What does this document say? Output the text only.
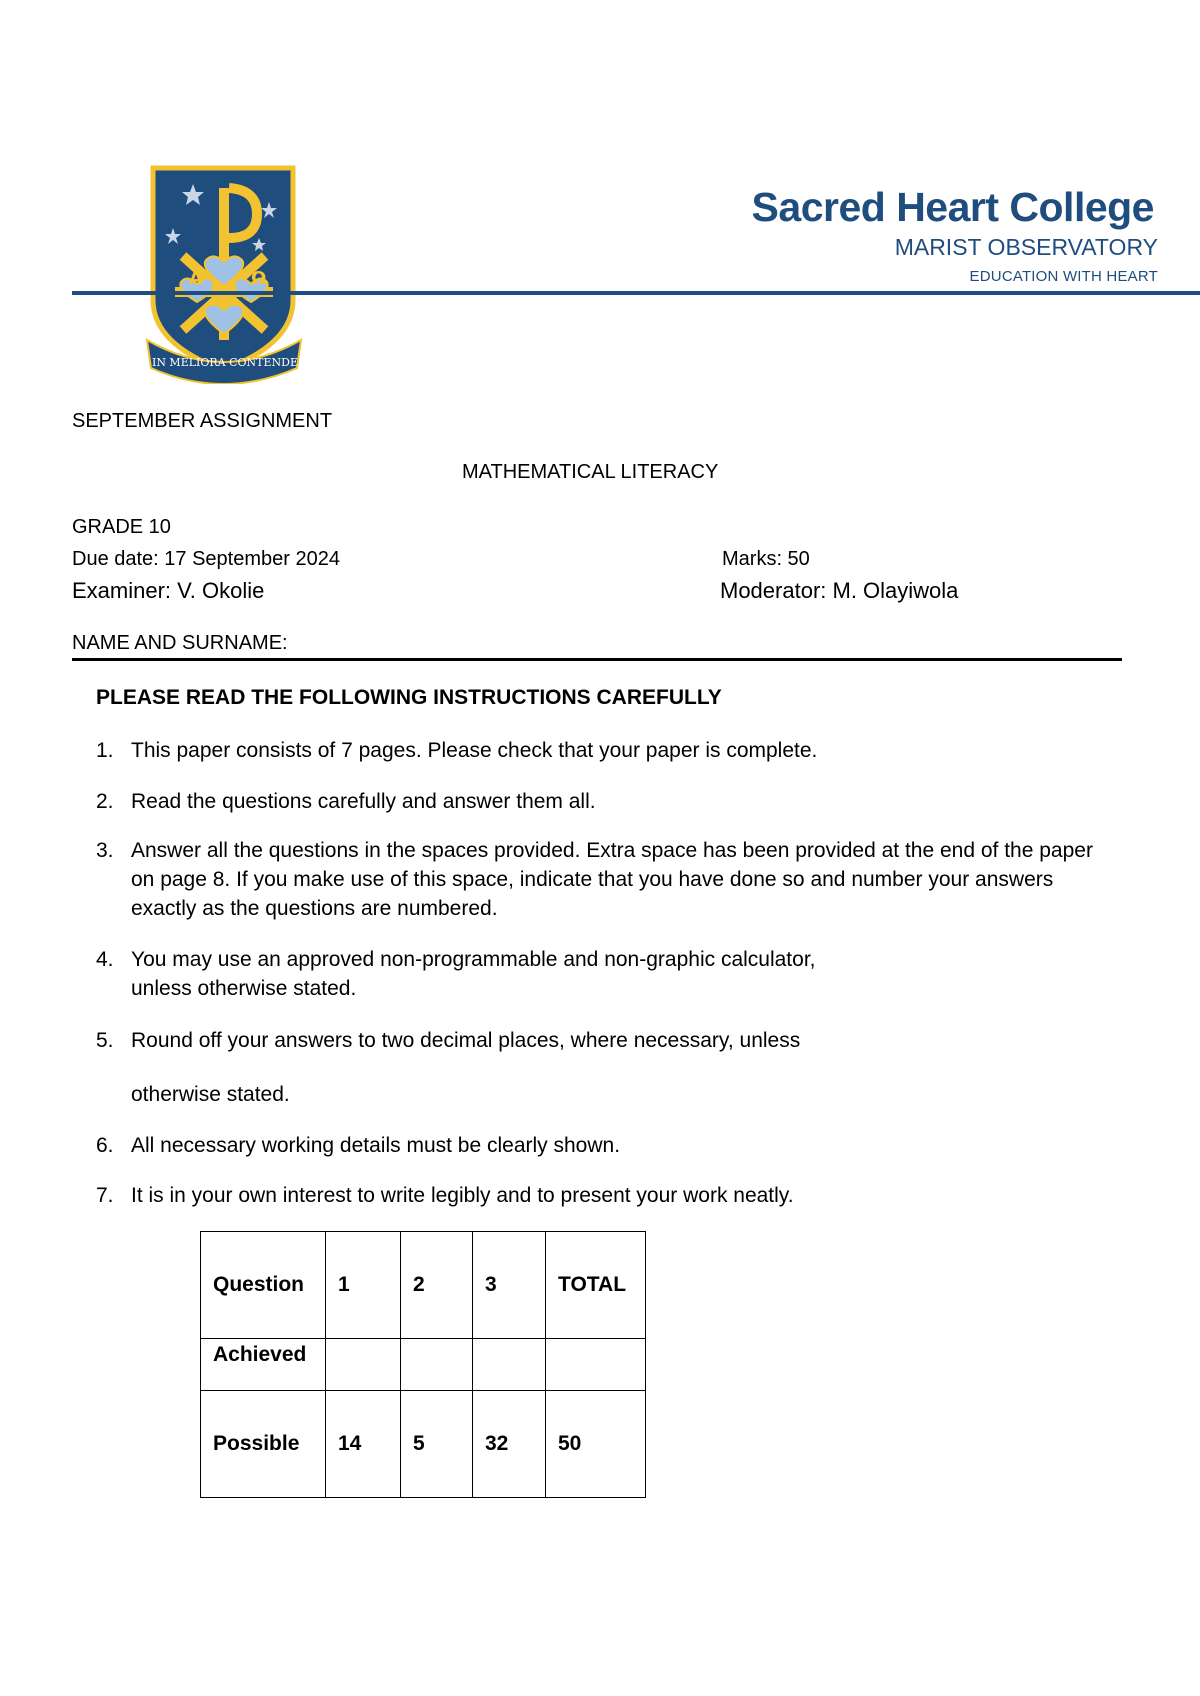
A	Ω
IN MELIORA CONTENDE
Sacred Heart College
MARIST OBSERVATORY
EDUCATION WITH HEART
SEPTEMBER ASSIGNMENT
MATHEMATICAL LITERACY
GRADE 10
Due date: 17 September 2024	Marks: 50
Examiner: V. Okolie	Moderator: M. Olayiwola
NAME AND SURNAME:
PLEASE READ THE FOLLOWING INSTRUCTIONS CAREFULLY
1. This paper consists of 7 pages. Please check that your paper is complete.
2. Read the questions carefully and answer them all.
3. Answer all the questions in the spaces provided. Extra space has been provided at the end of the paper on page 8. If you make use of this space, indicate that you have done so and number your answers exactly as the questions are numbered.
4. You may use an approved non-programmable and non-graphic calculator,
unless otherwise stated.
5. Round off your answers to two decimal places, where necessary, unless
otherwise stated.
6. All necessary working details must be clearly shown.
7. It is in your own interest to write legibly and to present your work neatly.
Question	1	2	3	TOTAL
Achieved				
Possible	14	5	32	50
